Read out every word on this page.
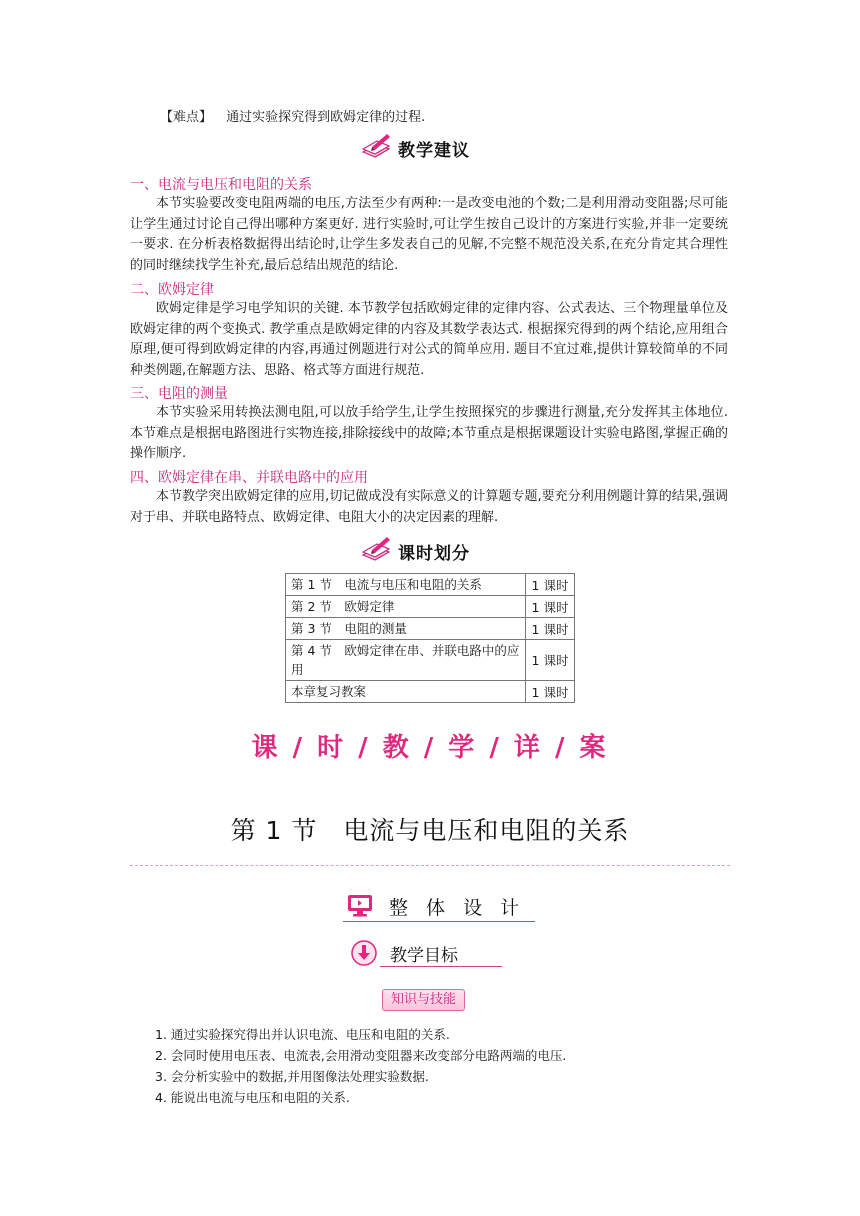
【难点】 通过实验探究得到欧姆定律的过程.
教学建议
一、电流与电压和电阻的关系

本节实验要改变电阻两端的电压,方法至少有两种:一是改变电池的个数;二是利用滑动变阻器;尽可能让学生通过讨论自己得出哪种方案更好. 进行实验时,可让学生按自己设计的方案进行实验,并非一定要统一要求. 在分析表格数据得出结论时,让学生多发表自己的见解,不完整不规范没关系,在充分肯定其合理性的同时继续找学生补充,最后总结出规范的结论.

二、欧姆定律

欧姆定律是学习电学知识的关键. 本节教学包括欧姆定律的定律内容、公式表达、三个物理量单位及欧姆定律的两个变换式. 教学重点是欧姆定律的内容及其数学表达式. 根据探究得到的两个结论,应用组合原理,便可得到欧姆定律的内容,再通过例题进行对公式的简单应用. 题目不宜过难,提供计算较简单的不同种类例题,在解题方法、思路、格式等方面进行规范.

三、电阻的测量

本节实验采用转换法测电阻,可以放手给学生,让学生按照探究的步骤进行测量,充分发挥其主体地位. 本节难点是根据电路图进行实物连接,排除接线中的故障;本节重点是根据课题设计实验电路图,掌握正确的操作顺序.

四、欧姆定律在串、并联电路中的应用

本节教学突出欧姆定律的应用,切记做成没有实际意义的计算题专题,要充分利用例题计算的结果,强调对于串、并联电路特点、欧姆定律、电阻大小的决定因素的理解.

课时划分
第 1 节　电流与电压和电阻的关系	1 课时
第 2 节　欧姆定律	1 课时
第 3 节　电阻的测量	1 课时
第 4 节　欧姆定律在串、并联电路中的应用	1 课时
本章复习教案	1 课时
课 / 时 / 教 / 学 / 详 / 案
第 1 节　电流与电压和电阻的关系
整 体 设 计
教学目标
知识与技能
1. 通过实验探究得出并认识电流、电压和电阻的关系.
2. 会同时使用电压表、电流表,会用滑动变阻器来改变部分电路两端的电压.
3. 会分析实验中的数据,并用图像法处理实验数据.
4. 能说出电流与电压和电阻的关系.
